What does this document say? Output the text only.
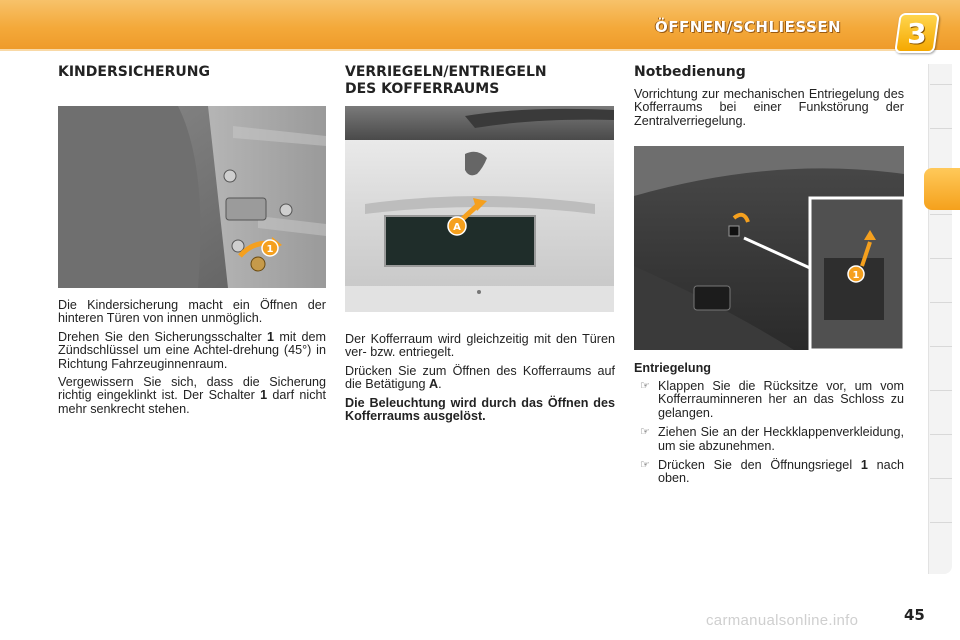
ÖFFNEN/SCHLIESSEN 3
KINDERSICHERUNG
1

Die Kindersicherung macht ein Öffnen der hinteren Türen von innen unmöglich.

Drehen Sie den Sicherungsschalter 1 mit dem Zündschlüssel um eine Achtel-drehung (45°) in Richtung Fahrzeuginnenraum.

Vergewissern Sie sich, dass die Sicherung richtig eingeklinkt ist. Der Schalter 1 darf nicht mehr senkrecht stehen.

VERRIEGELN/ENTRIEGELN
DES KOFFERRAUMS
A

Der Kofferraum wird gleichzeitig mit den Türen ver- bzw. entriegelt.

Drücken Sie zum Öffnen des Kofferraums auf die Betätigung A.

Die Beleuchtung wird durch das Öffnen des Kofferraums ausgelöst.

Notbedienung
Vorrichtung zur mechanischen Entriegelung des Kofferraums bei einer Funkstörung der Zentralverriegelung.
1
Entriegelung
☞ Klappen Sie die Rücksitze vor, um vom Kofferrauminneren her an das Schloss zu gelangen.
☞ Ziehen Sie an der Heckklappenverkleidung, um sie abzunehmen.
☞ Drücken Sie den Öffnungsriegel 1 nach oben.
carmanualsonline.info	45
